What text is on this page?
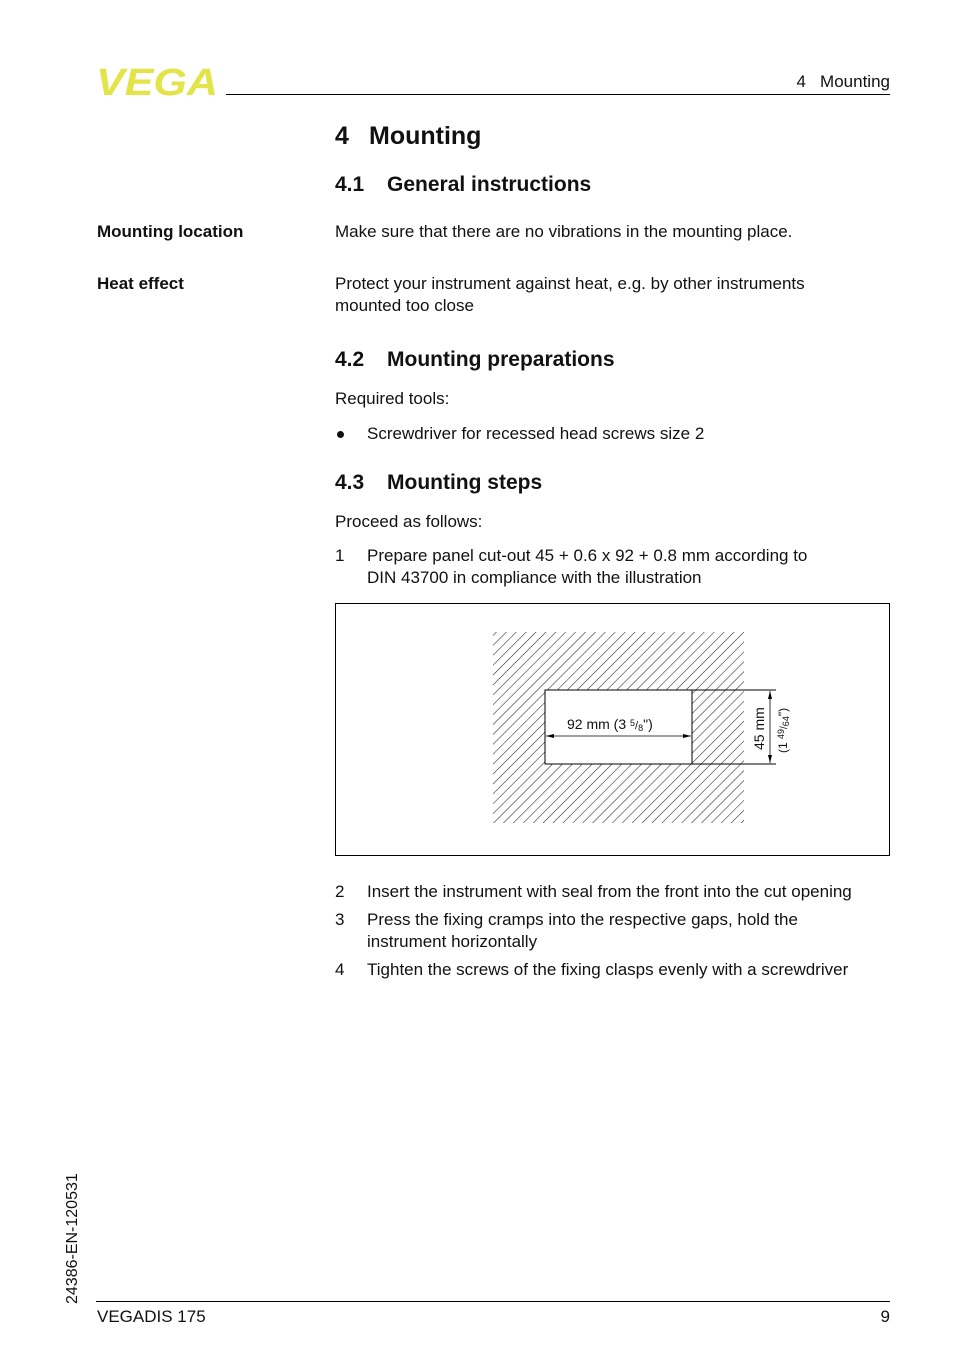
VEGA	4   Mounting
4 Mounting
4.1 General instructions
Mounting location	Make sure that there are no vibrations in the mounting place.
Heat effect	Protect your instrument against heat, e.g. by other instruments
mounted too close
4.2 Mounting preparations
Required tools:
Screwdriver for recessed head screws size 2
4.3 Mounting steps
Proceed as follows:
1	Prepare panel cut-out 45 + 0.6 x 92 + 0.8 mm according to
DIN 43700 in compliance with the illustration
92 mm (3 $^5_/$8")	45 mm (1 $^{49}_/$64")
2	Insert the instrument with seal from the front into the cut opening
3	Press the fixing cramps into the respective gaps, hold the
instrument horizontally
4	Tighten the screws of the fixing clasps evenly with a screwdriver
24386-EN-120531
VEGADIS 175	9
